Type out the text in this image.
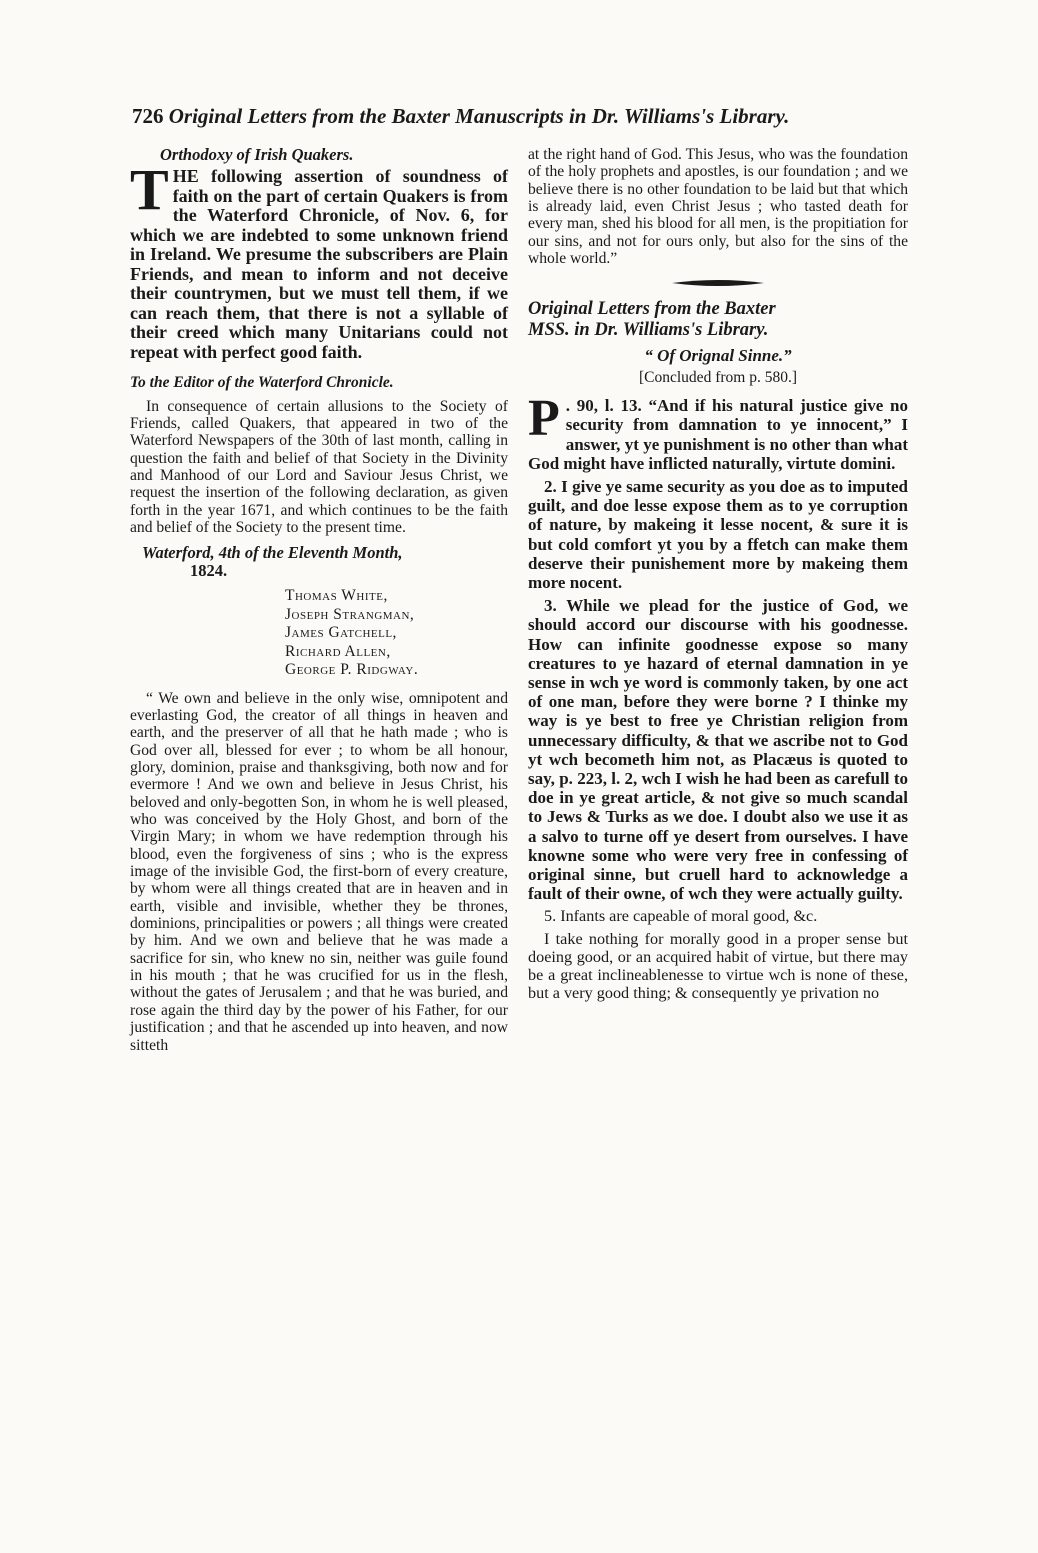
726 Original Letters from the Baxter Manuscripts in Dr. Williams's Library.
Orthodoxy of Irish Quakers.

THE following assertion of soundness of faith on the part of certain Quakers is from the Waterford Chronicle, of Nov. 6, for which we are indebted to some unknown friend in Ireland. We presume the subscribers are Plain Friends, and mean to inform and not deceive their countrymen, but we must tell them, if we can reach them, that there is not a syllable of their creed which many Unitarians could not repeat with perfect good faith.

To the Editor of the Waterford Chronicle.

In consequence of certain allusions to the Society of Friends, called Quakers, that appeared in two of the Waterford Newspapers of the 30th of last month, calling in question the faith and belief of that Society in the Divinity and Manhood of our Lord and Saviour Jesus Christ, we request the insertion of the following declaration, as given forth in the year 1671, and which continues to be the faith and belief of the Society to the present time.

Waterford, 4th of the Eleventh Month,
1824.
Thomas White,
Joseph Strangman,
James Gatchell,
Richard Allen,
George P. Ridgway.

“ We own and believe in the only wise, omnipotent and everlasting God, the creator of all things in heaven and earth, and the preserver of all that he hath made ; who is God over all, blessed for ever ; to whom be all honour, glory, dominion, praise and thanksgiving, both now and for evermore ! And we own and believe in Jesus Christ, his beloved and only-begotten Son, in whom he is well pleased, who was conceived by the Holy Ghost, and born of the Virgin Mary; in whom we have redemption through his blood, even the forgiveness of sins ; who is the express image of the invisible God, the first-born of every creature, by whom were all things created that are in heaven and in earth, visible and invisible, whether they be thrones, dominions, principalities or powers ; all things were created by him. And we own and believe that he was made a sacrifice for sin, who knew no sin, neither was guile found in his mouth ; that he was crucified for us in the flesh, without the gates of Jerusalem ; and that he was buried, and rose again the third day by the power of his Father, for our justification ; and that he ascended up into heaven, and now sitteth

at the right hand of God. This Jesus, who was the foundation of the holy prophets and apostles, is our foundation ; and we believe there is no other foundation to be laid but that which is already laid, even Christ Jesus ; who tasted death for every man, shed his blood for all men, is the propitiation for our sins, and not for ours only, but also for the sins of the whole world.”

Original Letters from the Baxter

MSS. in Dr. Williams's Library.

“ Of Orignal Sinne.”
[Concluded from p. 580.]

P . 90, l. 13. “And if his natural justice give no security from damnation to ye innocent,” I answer, yt ye punishment is no other than what God might have inflicted naturally, virtute domini.

2. I give ye same security as you doe as to imputed guilt, and doe lesse expose them as to ye corruption of nature, by makeing it lesse nocent, & sure it is but cold comfort yt you by a ffetch can make them deserve their punishement more by makeing them more nocent.

3. While we plead for the justice of God, we should accord our discourse with his goodnesse. How can infinite goodnesse expose so many creatures to ye hazard of eternal damnation in ye sense in wch ye word is commonly taken, by one act of one man, before they were borne ? I thinke my way is ye best to free ye Christian religion from unnecessary difficulty, & that we ascribe not to God yt wch becometh him not, as Placæus is quoted to say, p. 223, l. 2, wch I wish he had been as carefull to doe in ye great article, & not give so much scandal to Jews & Turks as we doe. I doubt also we use it as a salvo to turne off ye desert from ourselves. I have knowne some who were very free in confessing of original sinne, but cruell hard to acknowledge a fault of their owne, of wch they were actually guilty.

5. Infants are capeable of moral good, &c.

I take nothing for morally good in a proper sense but doeing good, or an acquired habit of virtue, but there may be a great inclineablenesse to virtue wch is none of these, but a very good thing; & consequently ye privation no
